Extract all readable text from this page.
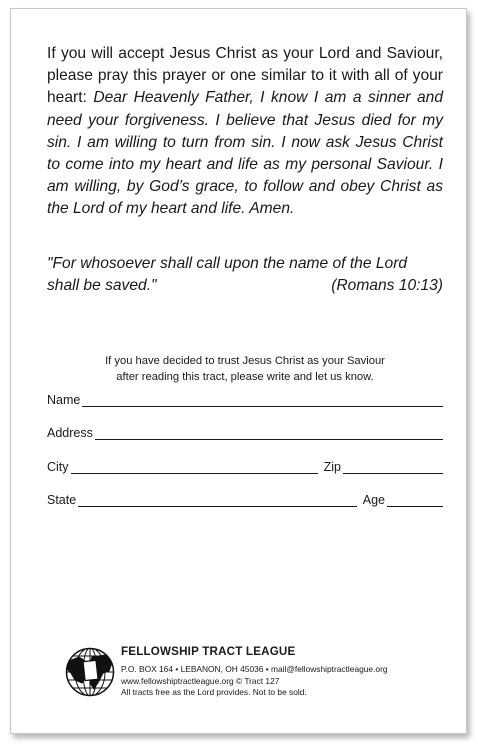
If you will accept Jesus Christ as your Lord and Saviour, please pray this prayer or one similar to it with all of your heart: Dear Heavenly Father, I know I am a sinner and need your forgiveness. I believe that Jesus died for my sin. I am willing to turn from sin. I now ask Jesus Christ to come into my heart and life as my personal Saviour. I am willing, by God’s grace, to follow and obey Christ as the Lord of my heart and life. Amen.

"For whosoever shall call upon the name of the Lord shall be saved."	(Romans 10:13)

If you have decided to trust Jesus Christ as your Saviour
after reading this tract, please write and let us know.

Name
Address
City	Zip
State	Age
FELLOWSHIP TRACT LEAGUE
P.O. BOX 164 • LEBANON, OH 45036 • mail@fellowshiptractleague.org
www.fellowshiptractleague.org © Tract 127
All tracts free as the Lord provides. Not to be sold.
